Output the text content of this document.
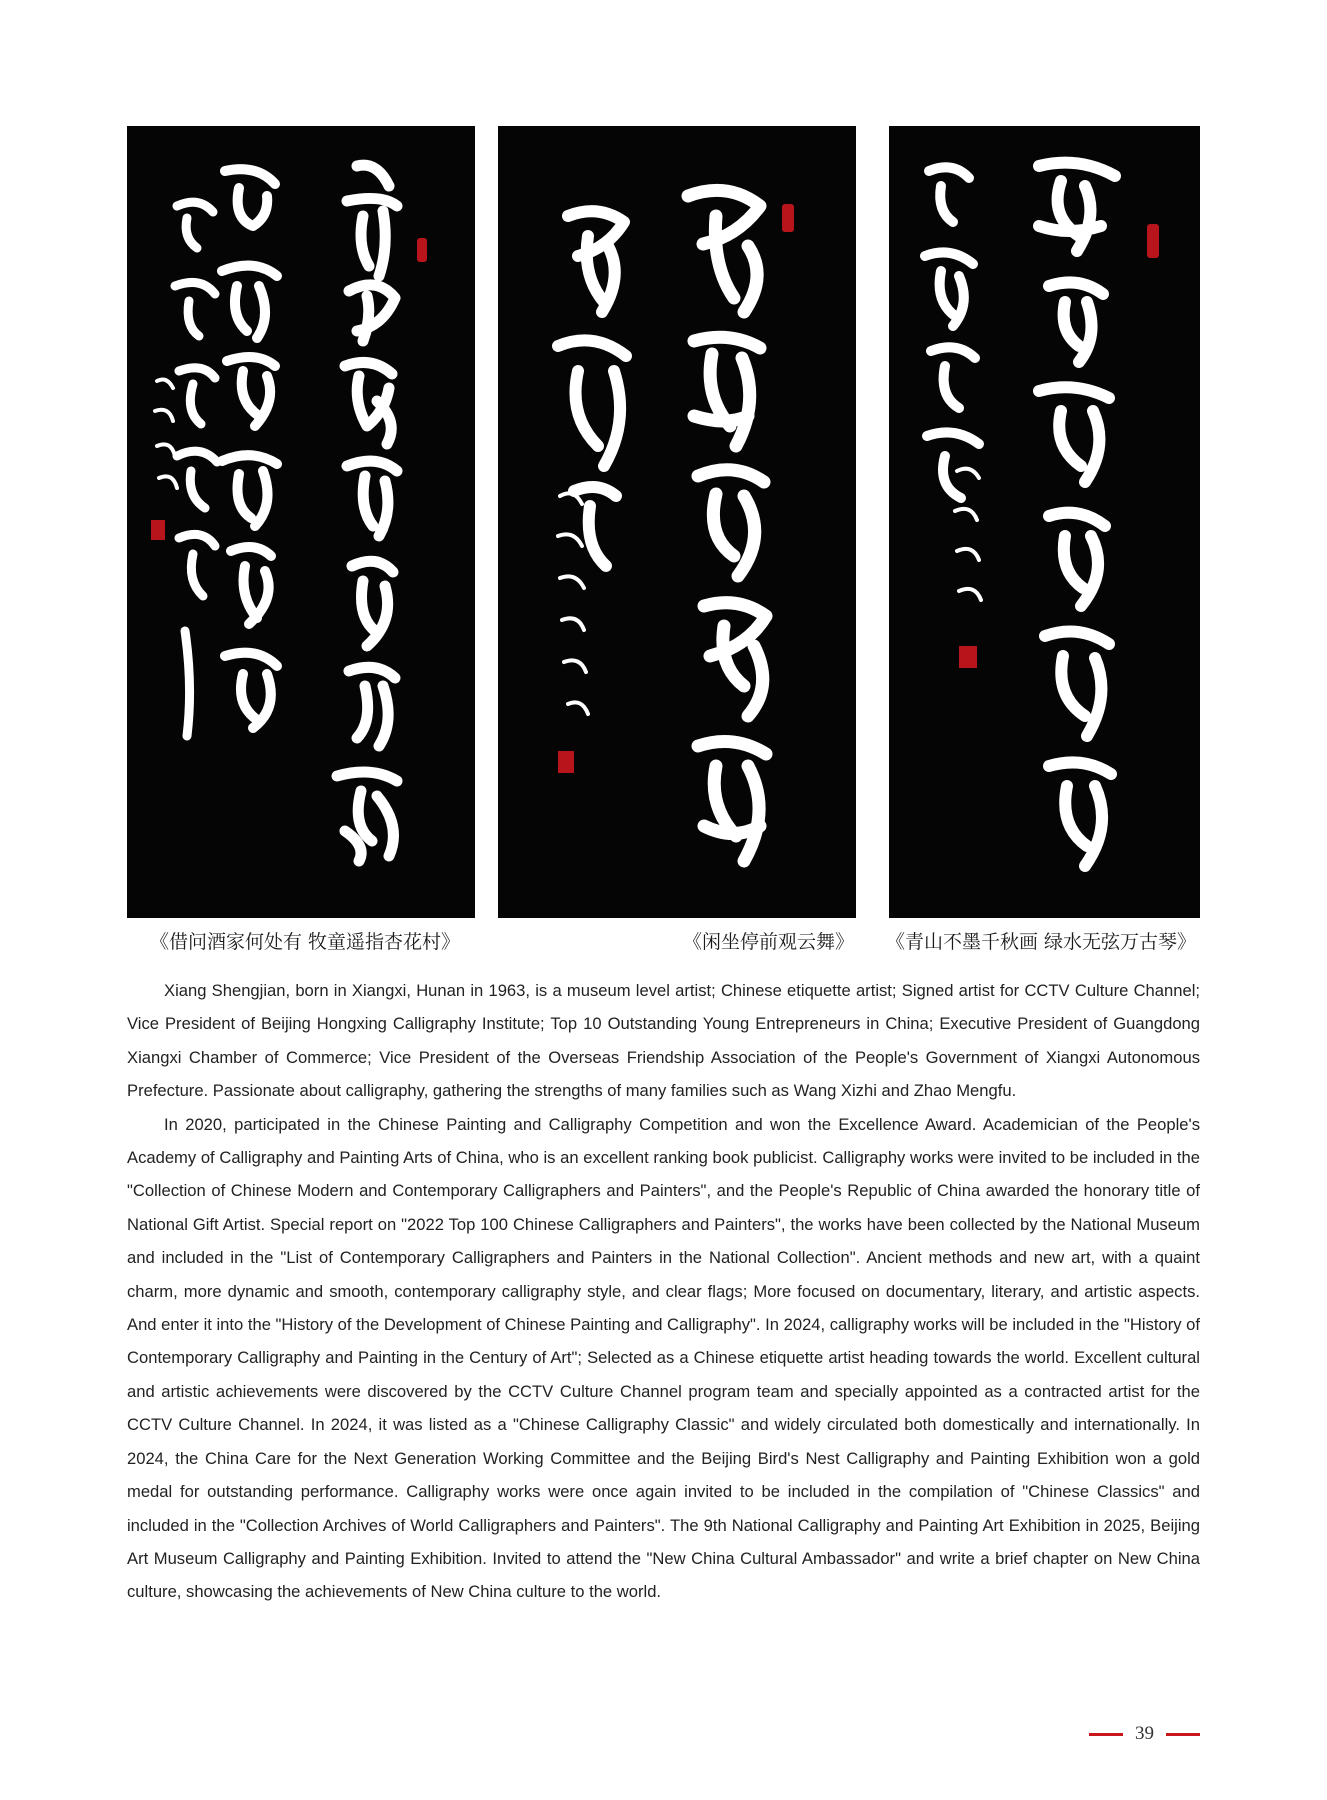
《借问酒家何处有 牧童遥指杏花村》	《闲坐停前观云舞》 《青山不墨千秋画 绿水无弦万古琴》

Xiang Shengjian, born in Xiangxi, Hunan in 1963, is a museum level artist; Chinese etiquette artist; Signed artist for CCTV Culture Channel; Vice President of Beijing Hongxing Calligraphy Institute; Top 10 Outstanding Young Entrepreneurs in China; Executive President of Guangdong Xiangxi Chamber of Commerce; Vice President of the Overseas Friendship Association of the People's Government of Xiangxi Autonomous Prefecture. Passionate about calligraphy, gathering the strengths of many families such as Wang Xizhi and Zhao Mengfu.

In 2020, participated in the Chinese Painting and Calligraphy Competition and won the Excellence Award. Academician of the People's Academy of Calligraphy and Painting Arts of China, who is an excellent ranking book publicist. Calligraphy works were invited to be included in the "Collection of Chinese Modern and Contemporary Calligraphers and Painters", and the People's Republic of China awarded the honorary title of National Gift Artist. Special report on "2022 Top 100 Chinese Calligraphers and Painters", the works have been collected by the National Museum and included in the "List of Contemporary Calligraphers and Painters in the National Collection". Ancient methods and new art, with a quaint charm, more dynamic and smooth, contemporary calligraphy style, and clear flags; More focused on documentary, literary, and artistic aspects. And enter it into the "History of the Development of Chinese Painting and Calligraphy". In 2024, calligraphy works will be included in the "History of Contemporary Calligraphy and Painting in the Century of Art"; Selected as a Chinese etiquette artist heading towards the world. Excellent cultural and artistic achievements were discovered by the CCTV Culture Channel program team and specially appointed as a contracted artist for the CCTV Culture Channel. In 2024, it was listed as a "Chinese Calligraphy Classic" and widely circulated both domestically and internationally. In 2024, the China Care for the Next Generation Working Committee and the Beijing Bird's Nest Calligraphy and Painting Exhibition won a gold medal for outstanding performance. Calligraphy works were once again invited to be included in the compilation of "Chinese Classics" and included in the "Collection Archives of World Calligraphers and Painters". The 9th National Calligraphy and Painting Art Exhibition in 2025, Beijing Art Museum Calligraphy and Painting Exhibition. Invited to attend the "New China Cultural Ambassador" and write a brief chapter on New China culture, showcasing the achievements of New China culture to the world.

39
